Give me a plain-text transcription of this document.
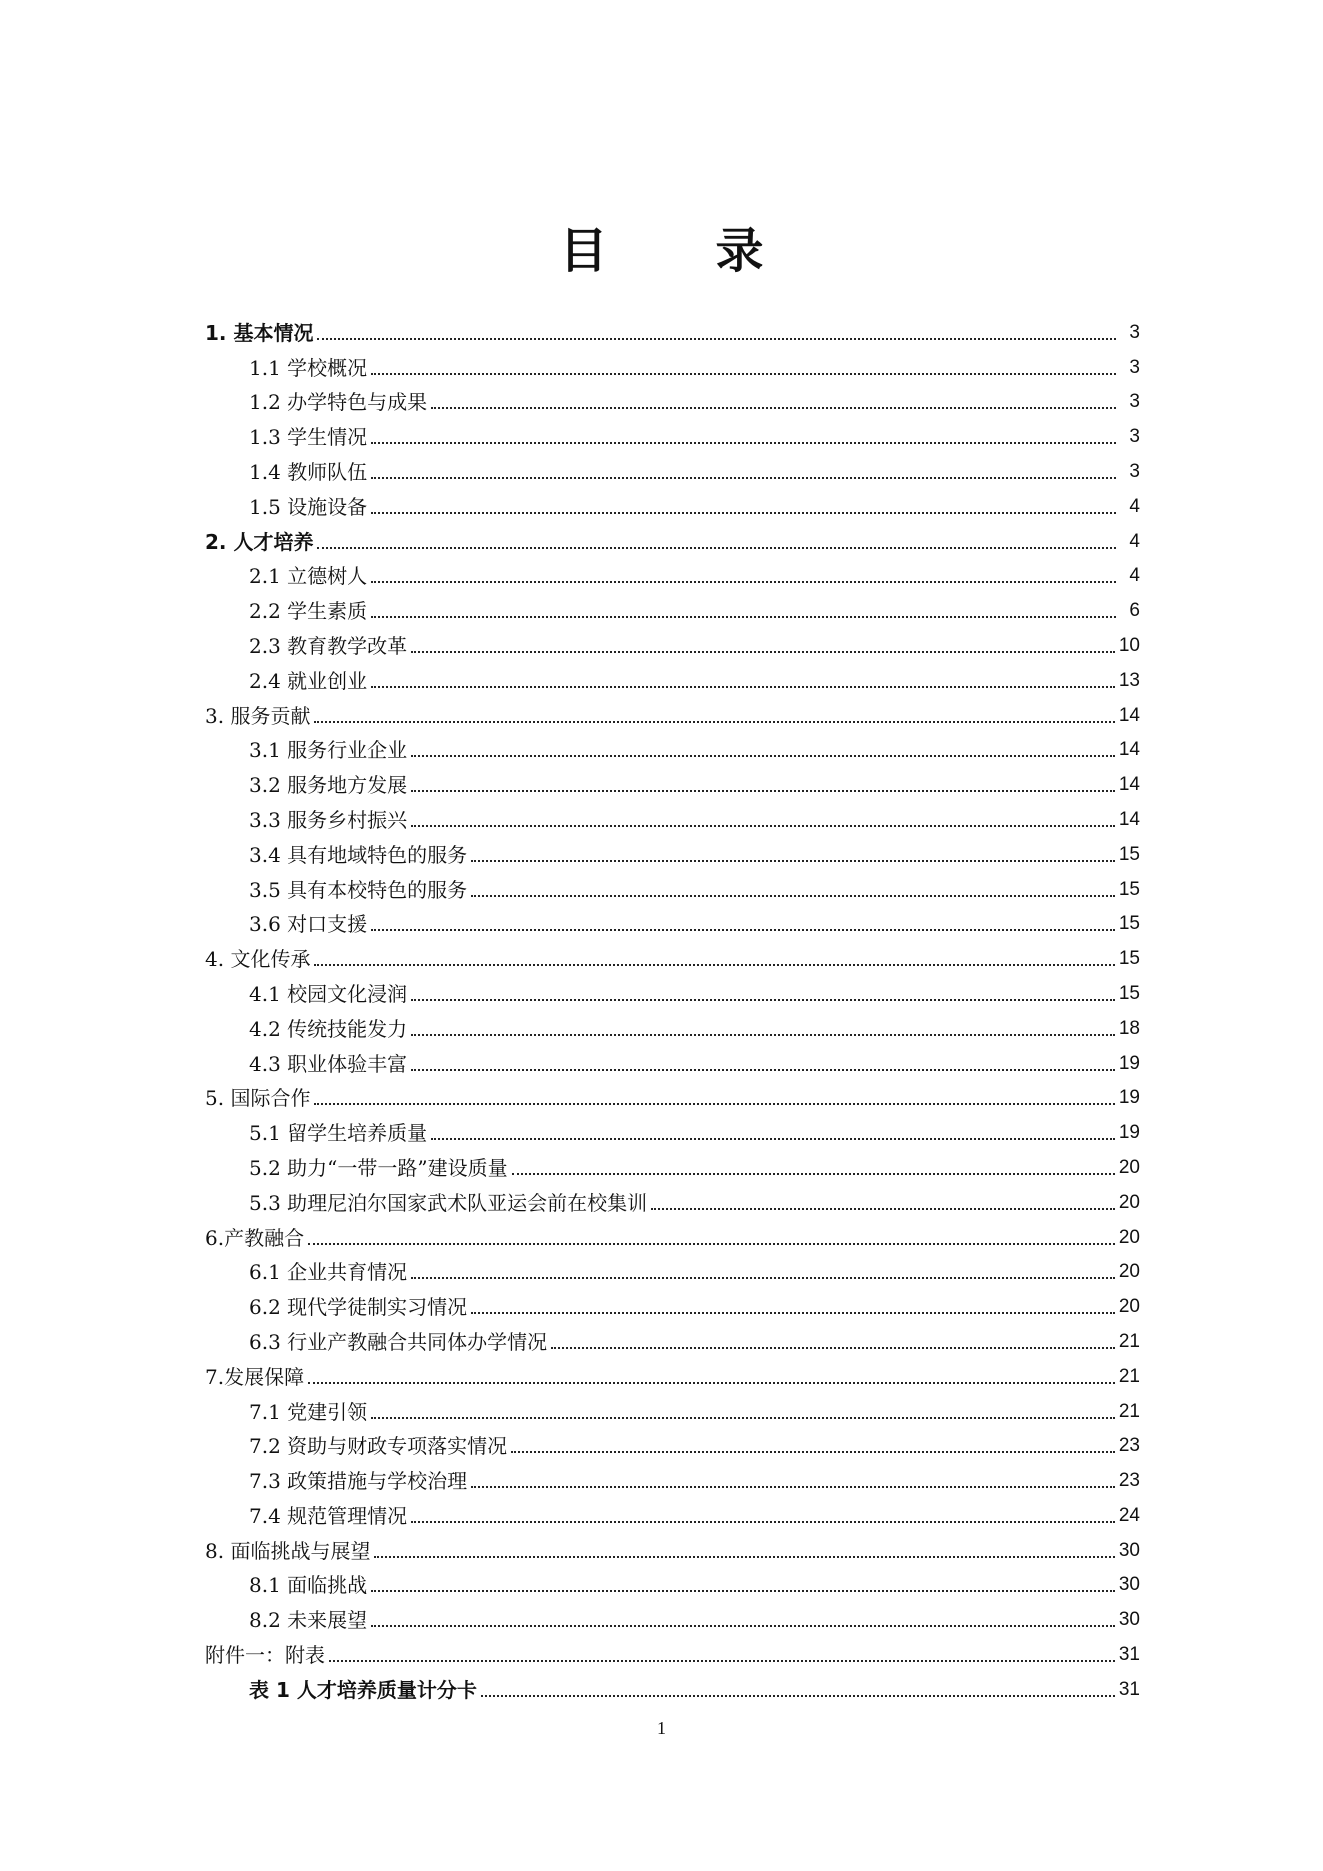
目 录
1. 基本情况	3
1.1 学校概况	3
1.2 办学特色与成果	3
1.3 学生情况	3
1.4 教师队伍	3
1.5 设施设备	4
2. 人才培养	4
2.1 立德树人	4
2.2 学生素质	6
2.3 教育教学改革	10
2.4 就业创业	13
3. 服务贡献	14
3.1 服务行业企业	14
3.2 服务地方发展	14
3.3 服务乡村振兴	14
3.4 具有地域特色的服务	15
3.5 具有本校特色的服务	15
3.6 对口支援	15
4. 文化传承	15
4.1 校园文化浸润	15
4.2 传统技能发力	18
4.3 职业体验丰富	19
5. 国际合作	19
5.1 留学生培养质量	19
5.2 助力“一带一路”建设质量	20
5.3 助理尼泊尔国家武术队亚运会前在校集训	20
6.产教融合	20
6.1 企业共育情况	20
6.2 现代学徒制实习情况	20
6.3 行业产教融合共同体办学情况	21
7.发展保障	21
7.1 党建引领	21
7.2 资助与财政专项落实情况	23
7.3 政策措施与学校治理	23
7.4 规范管理情况	24
8. 面临挑战与展望	30
8.1 面临挑战	30
8.2 未来展望	30
附件一：附表	31
表 1 人才培养质量计分卡	31
1
